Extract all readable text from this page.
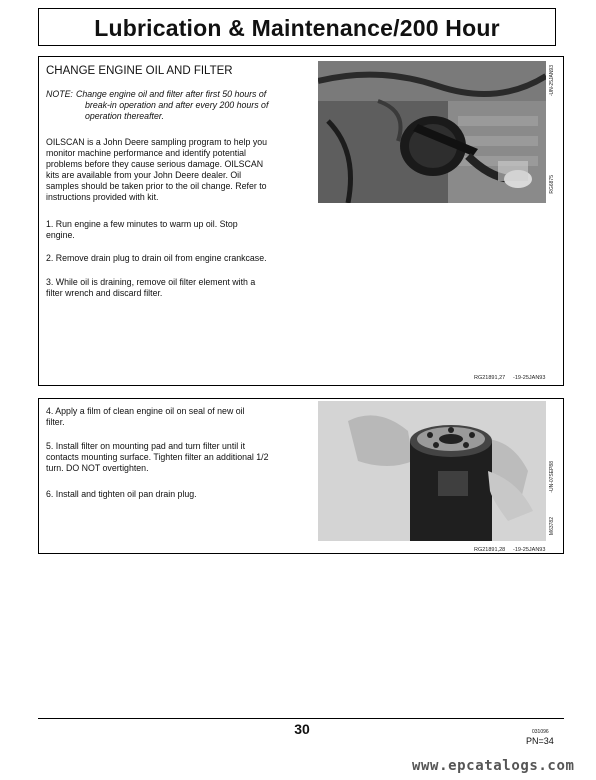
Lubrication & Maintenance/200 Hour
CHANGE ENGINE OIL AND FILTER
NOTE: Change engine oil and filter after first 50 hours of
break-in operation and after every 200 hours of
operation thereafter.
OILSCAN is a John Deere sampling program to help you
monitor machine performance and identify potential
problems before they cause serious damage. OILSCAN
kits are available from your John Deere dealer. Oil
samples should be taken prior to the oil change. Refer to
instructions provided with kit.
1. Run engine a few minutes to warm up oil. Stop
engine.
2. Remove drain plug to drain oil from engine crankcase.
3. While oil is draining, remove oil filter element with a
filter wrench and discard filter.
-UN-25JAN93
RG6875
RG21891,27 -19-25JAN93
4. Apply a film of clean engine oil on seal of new oil
filter.
5. Install filter on mounting pad and turn filter until it
contacts mounting surface. Tighten filter an additional 1/2
turn. DO NOT overtighten.
6. Install and tighten oil pan drain plug.
-UN-07SEP88
M63782
RG21891,28 -19-25JAN93
30	031096
PN=34
www.epcatalogs.com
